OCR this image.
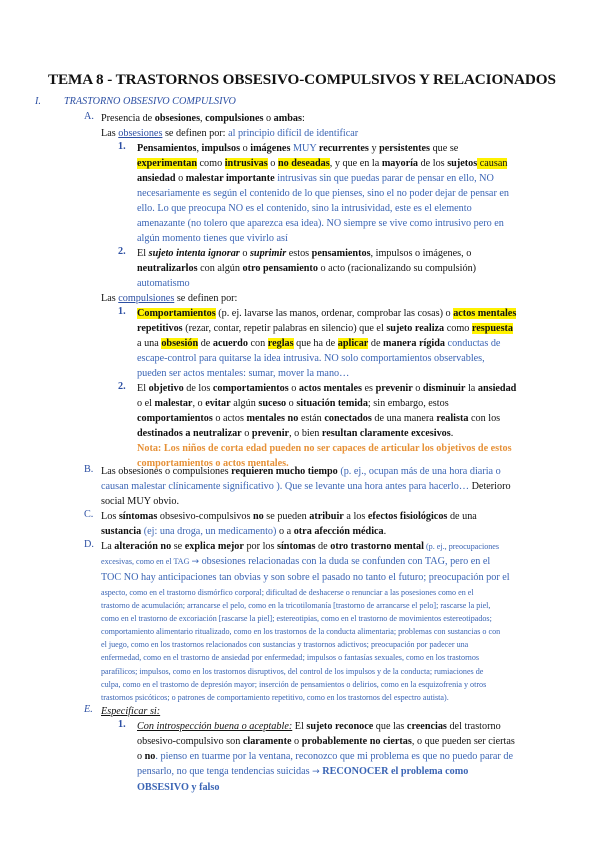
TEMA 8 - TRASTORNOS OBSESIVO-COMPULSIVOS Y RELACIONADOS
I. TRASTORNO OBSESIVO COMPULSIVO
A. Presencia de obsesiones, compulsiones o ambas:
Las obsesiones se definen por: al principio difícil de identificar
1. Pensamientos, impulsos o imágenes MUY recurrentes y persistentes que se
experimentan como intrusivas o no deseadas, y que en la mayoría de los sujetos causan
ansiedad o malestar importante intrusivas sin que puedas parar de pensar en ello, NO
necesariamente es según el contenido de lo que pienses, sino el no poder dejar de pensar en
ello. Lo que preocupa NO es el contenido, sino la intrusividad, este es el elemento
amenazante (no tolero que aparezca esa idea). NO siempre se vive como intrusivo pero en
algún momento tienes que vivirlo así
2. El sujeto intenta ignorar o suprimir estos pensamientos, impulsos o imágenes, o
neutralizarlos con algún otro pensamiento o acto (racionalizando su compulsión)
automatismo
Las compulsiones se definen por:
1. Comportamientos (p. ej. lavarse las manos, ordenar, comprobar las cosas) o actos mentales
repetitivos (rezar, contar, repetir palabras en silencio) que el sujeto realiza como respuesta
a una obsesión de acuerdo con reglas que ha de aplicar de manera rígida conductas de
escape-control para quitarse la idea intrusiva. NO solo comportamientos observables,
pueden ser actos mentales: sumar, mover la mano…
2. El objetivo de los comportamientos o actos mentales es prevenir o disminuir la ansiedad
o el malestar, o evitar algún suceso o situación temida; sin embargo, estos
comportamientos o actos mentales no están conectados de una manera realista con los
destinados a neutralizar o prevenir, o bien resultan claramente excesivos.
Nota: Los niños de corta edad pueden no ser capaces de articular los objetivos de estos
comportamientos o actos mentales.
B. Las obsesiones o compulsiones requieren mucho tiempo (p. ej., ocupan más de una hora diaria o
causan malestar clínicamente significativo ). Que se levante una hora antes para hacerlo… Deterioro
social MUY obvio.
C. Los síntomas obsesivo-compulsivos no se pueden atribuir a los efectos fisiológicos de una
sustancia (ej: una droga, un medicamento) o a otra afección médica.
D. La alteración no se explica mejor por los síntomas de otro trastorno mental (p. ej., preocupaciones
excesivas, como en el TAG → obsesiones relacionadas con la duda se confunden con TAG, pero en el
TOC NO hay anticipaciones tan obvias y son sobre el pasado no tanto el futuro; preocupación por el
aspecto, como en el trastorno dismórfico corporal; dificultad de deshacerse o renunciar a las posesiones como en el
trastorno de acumulación; arrancarse el pelo, como en la tricotilomanía [trastorno de arrancarse el pelo]; rascarse la piel,
como en el trastorno de excoriación [rascarse la piel]; estereotipias, como en el trastorno de movimientos estereotipados;
comportamiento alimentario ritualizado, como en los trastornos de la conducta alimentaria; problemas con sustancias o con
el juego, como en los trastornos relacionados con sustancias y trastornos adictivos; preocupación por padecer una
enfermedad, como en el trastorno de ansiedad por enfermedad; impulsos o fantasías sexuales, como en los trastornos
parafílicos; impulsos, como en los trastornos disruptivos, del control de los impulsos y de la conducta; rumiaciones de
culpa, como en el trastorno de depresión mayor; inserción de pensamientos o delirios, como en la esquizofrenia y otros
trastornos psicóticos; o patrones de comportamiento repetitivo, como en los trastornos del espectro autista).
E. Especificar si:
1. Con introspección buena o aceptable: El sujeto reconoce que las creencias del trastorno
obsesivo-compulsivo son claramente o probablemente no ciertas, o que pueden ser ciertas
o no. pienso en tuarme por la ventana, reconozco que mi problema es que no puedo parar de
pensarlo, no que tenga tendencias suicidas → RECONOCER el problema como
OBSESIVO y falso
